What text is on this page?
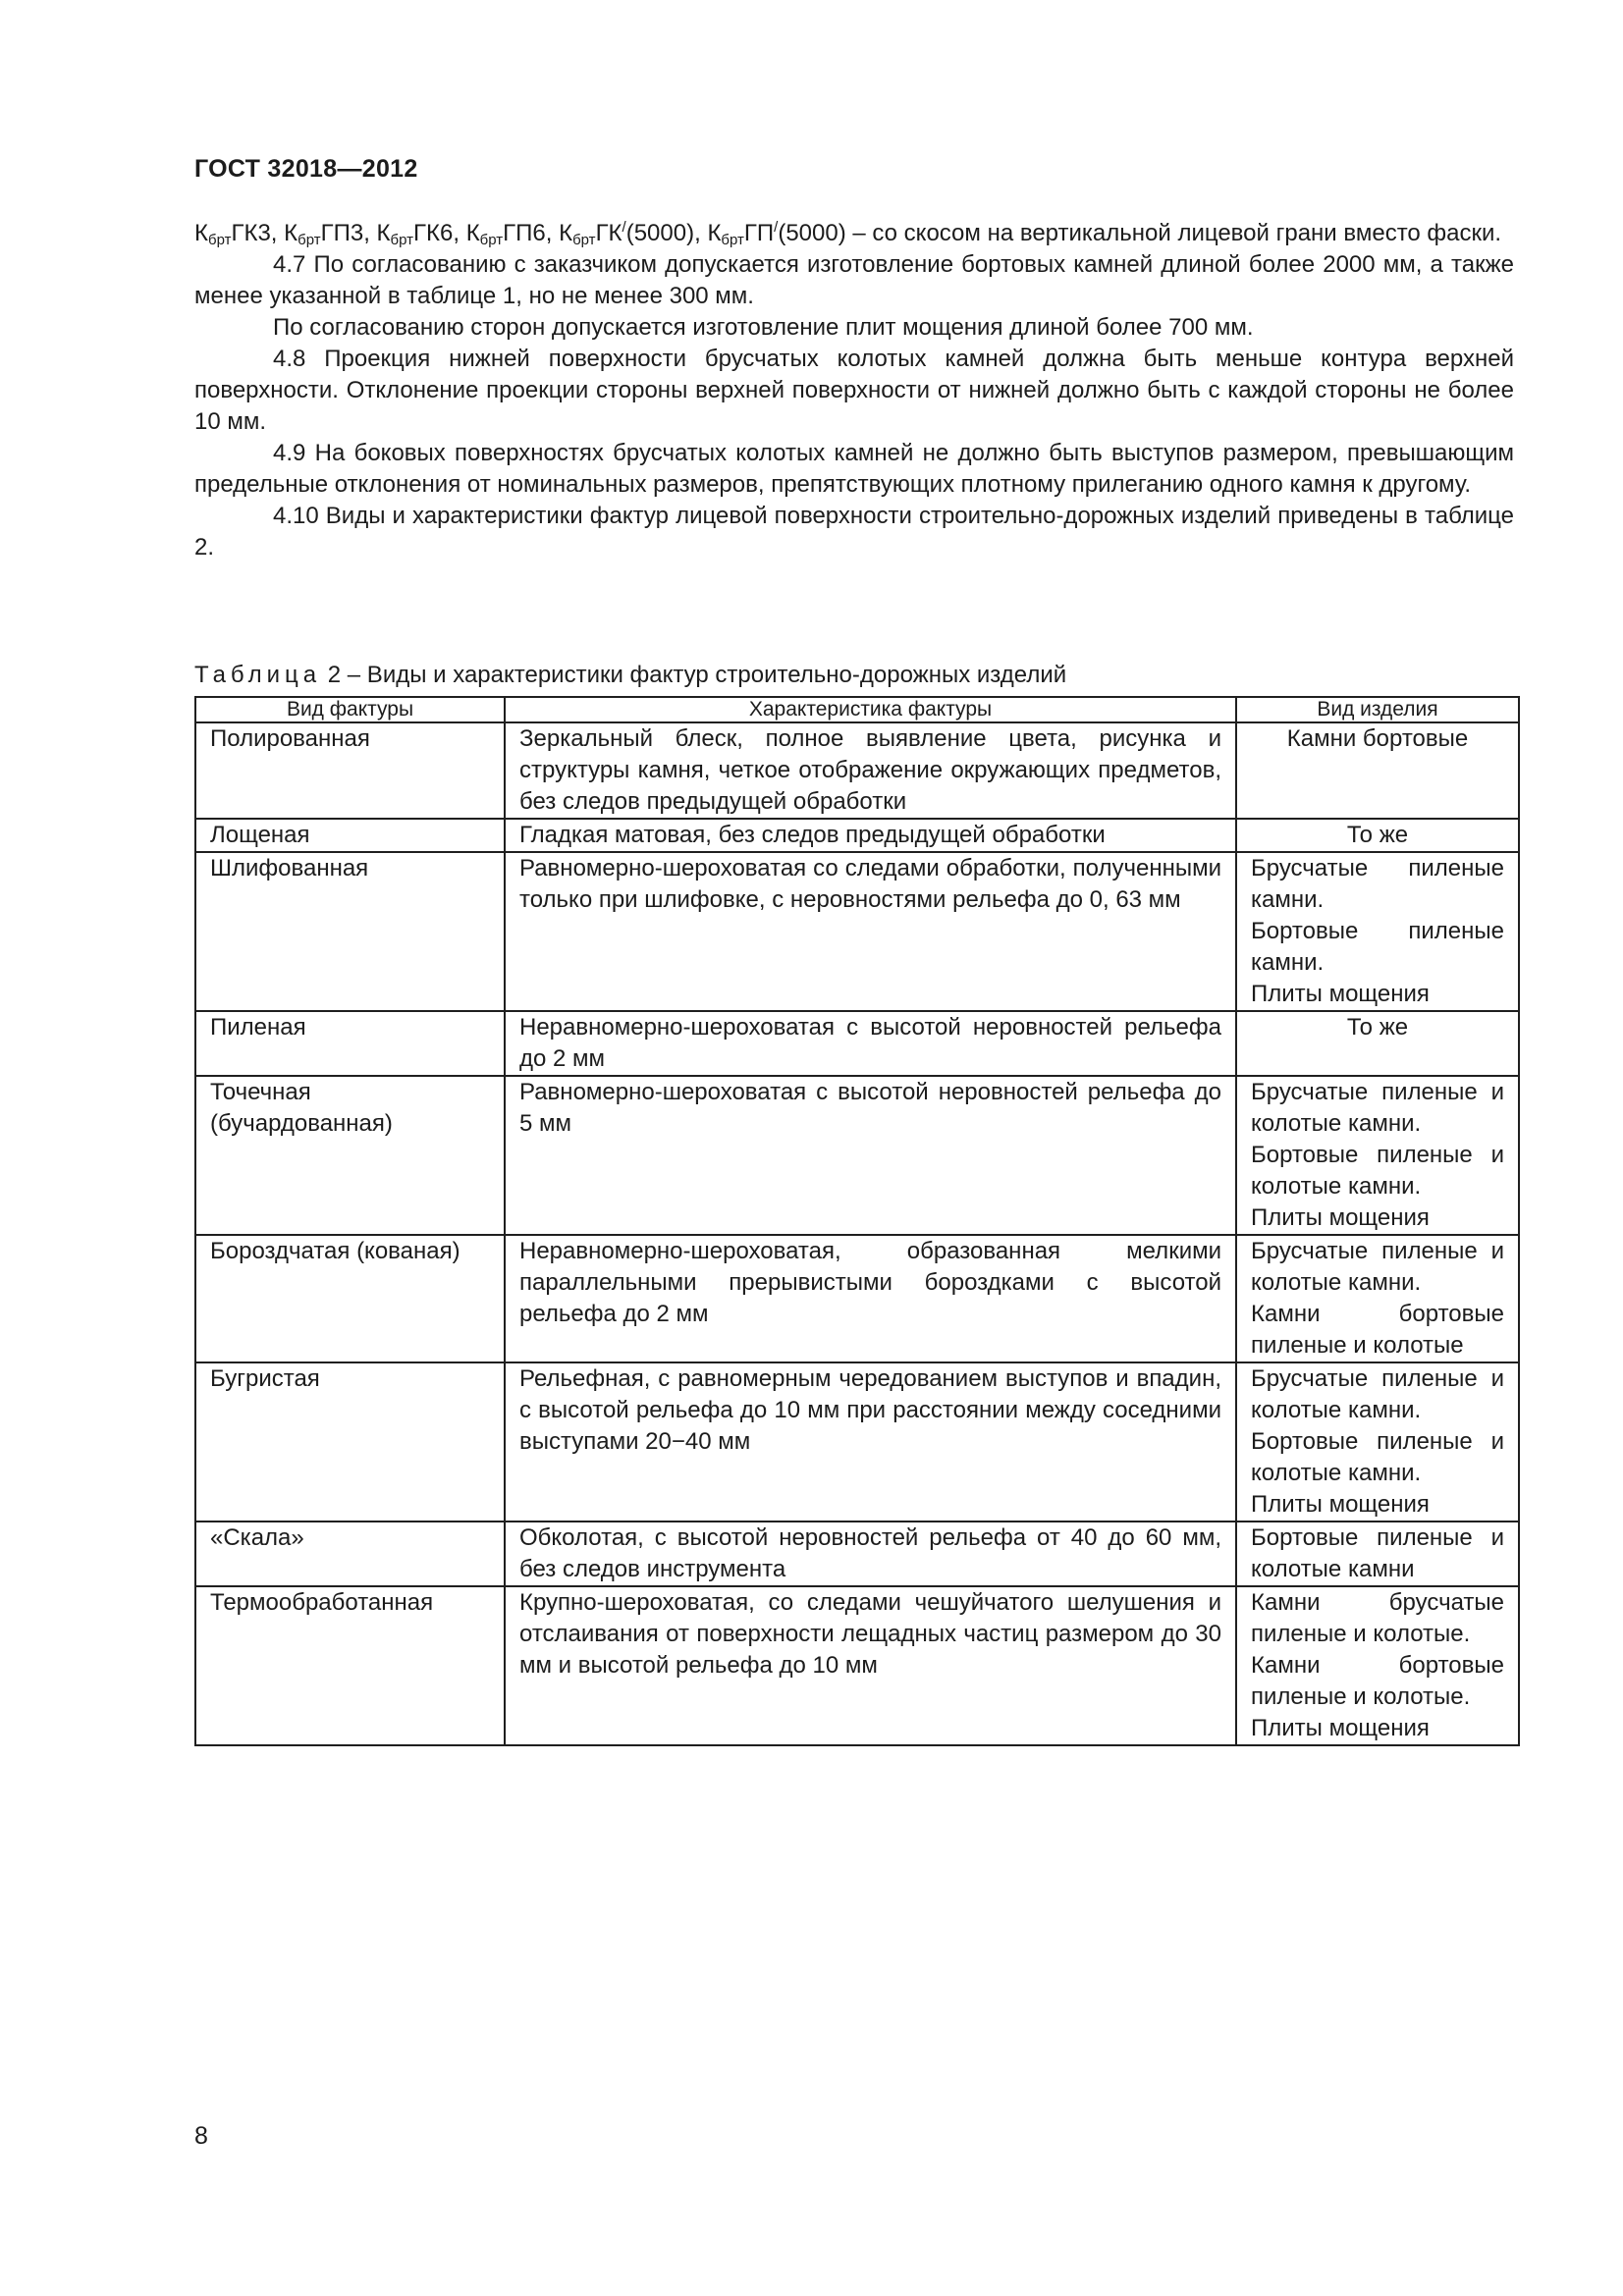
ГОСТ 32018—2012

$К_{брт}ГК3$, $К_{брт}ГП3$, $К_{брт}ГК6$, $К_{брт}ГП6$, $К_{брт}ГК^/(5000)$, $К_{брт}ГП^/(5000)$ – со скосом на вертикальной лицевой грани вместо фаски.

4.7 По согласованию с заказчиком допускается изготовление бортовых камней длиной более 2000 мм, а также менее указанной в таблице 1, но не менее 300 мм.

По согласованию сторон допускается изготовление плит мощения длиной более 700 мм.

4.8 Проекция нижней поверхности брусчатых колотых камней должна быть меньше контура верхней поверхности. Отклонение проекции стороны верхней поверхности от нижней должно быть с каждой стороны не более 10 мм.

4.9 На боковых поверхностях брусчатых колотых камней не должно быть выступов размером, превышающим предельные отклонения от номинальных размеров, препятствующих плотному прилеганию одного камня к другому.

4.10 Виды и характеристики фактур лицевой поверхности строительно-дорожных изделий приведены в таблице 2.

Таблица 2 – Виды и характеристики фактур строительно-дорожных изделий
Вид фактуры	Характеристика фактуры	Вид изделия
Полированная	Зеркальный блеск, полное выявление цвета, рисунка и структуры камня, четкое отображение окружающих предметов, без следов предыдущей обработки	Камни бортовые

Лощеная	Гладкая матовая, без следов предыдущей обработки	То же

Шлифованная	Равномерно-шероховатая со следами обработки, полученными только при шлифовке, с неровностями рельефа до 0, 63 мм	Брусчатые пиленые камни.
Бортовые пиленые камни.
Плиты мощения

Пиленая	Неравномерно-шероховатая с высотой неровностей рельефа до 2 мм	То же

Точечная (бучардованная)	Равномерно-шероховатая с высотой неровностей рельефа до 5 мм	Брусчатые пиленые и колотые камни.
Бортовые пиленые и колотые камни.
Плиты мощения

Бороздчатая (кованая)	Неравномерно-шероховатая, образованная мелкими параллельными прерывистыми бороздками с высотой рельефа до 2 мм	Брусчатые пиленые и колотые камни.
Камни бортовые пиленые и колотые

Бугристая	Рельефная, с равномерным чередованием выступов и впадин, с высотой рельефа до 10 мм при расстоянии между соседними выступами 20−40 мм	Брусчатые пиленые и колотые камни.
Бортовые пиленые и колотые камни.
Плиты мощения

«Скала»	Обколотая, с высотой неровностей рельефа от 40 до 60 мм, без следов инструмента	Бортовые пиленые и колотые камни

Термообработанная	Крупно-шероховатая, со следами чешуйчатого шелушения и отслаивания от поверхности лещадных частиц размером до 30 мм и высотой рельефа до 10 мм	Камни брусчатые пиленые и колотые.
Камни бортовые пиленые и колотые.
Плиты мощения
8
